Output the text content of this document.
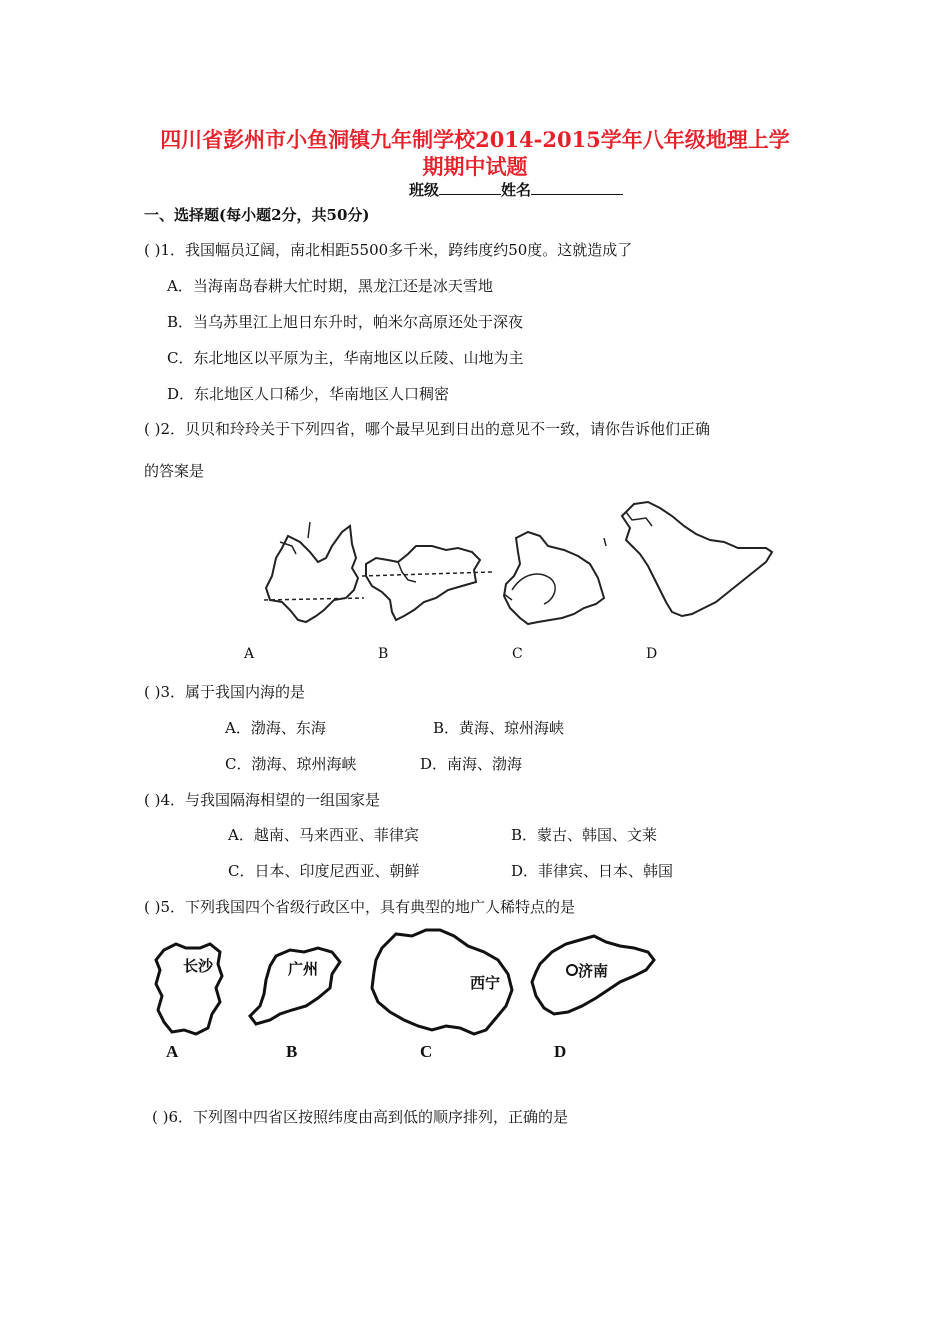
四川省彭州市小鱼洞镇九年制学校2014-2015学年八年级地理上学
期期中试题
班级	姓名
一、选择题(每小题2分，共50分)
( )1．我国幅员辽阔，南北相距5500多千米，跨纬度约50度。这就造成了
A．当海南岛春耕大忙时期，黑龙江还是冰天雪地
B．当乌苏里江上旭日东升时，帕米尔高原还处于深夜
C．东北地区以平原为主，华南地区以丘陵、山地为主
D．东北地区人口稀少，华南地区人口稠密
( )2．贝贝和玲玲关于下列四省，哪个最早见到日出的意见不一致，请你告诉他们正确
的答案是
A	B	C	D
( )3．属于我国内海的是
A．渤海、东海	B．黄海、琼州海峡
C．渤海、琼州海峡	D．南海、渤海
( )4．与我国隔海相望的一组国家是
A．越南、马来西亚、菲律宾	B．蒙古、韩国、文莱
C．日本、印度尼西亚、朝鲜	D．菲律宾、日本、韩国
( )5．下列我国四个省级行政区中，具有典型的地广人稀特点的是
长沙	广州
西宁
济南
A	B	C	D
( )6．下列图中四省区按照纬度由高到低的顺序排列，正确的是
